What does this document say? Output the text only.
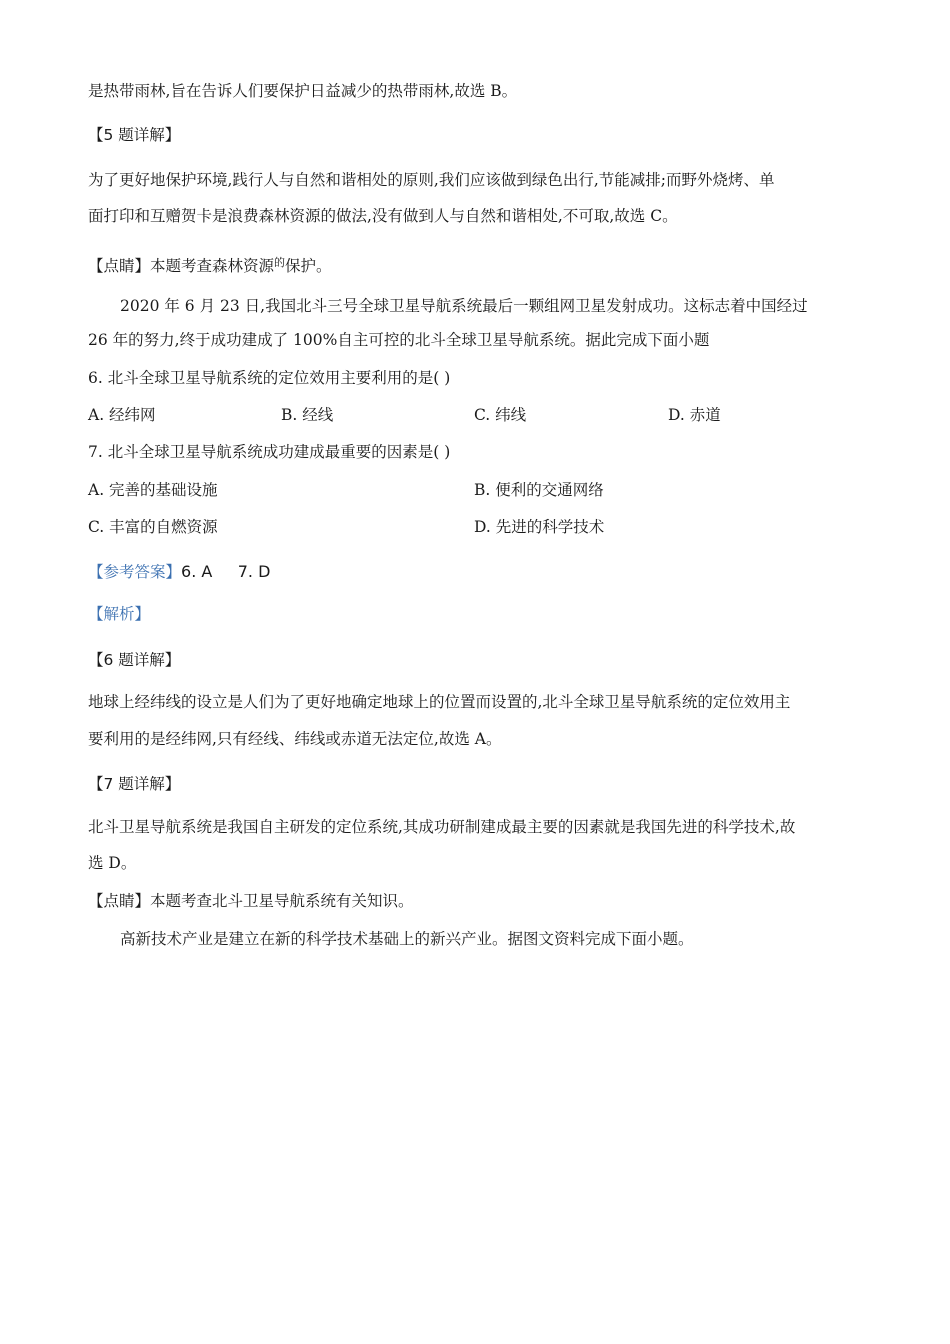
是热带雨林,旨在告诉人们要保护日益减少的热带雨林,故选 B。
【5 题详解】
为了更好地保护环境,践行人与自然和谐相处的原则,我们应该做到绿色出行,节能减排;而野外烧烤、单
面打印和互赠贺卡是浪费森林资源的做法,没有做到人与自然和谐相处,不可取,故选 C。
【点睛】本题考查森林资源$^的$保护。
2020 年 6 月 23 日,我国北斗三号全球卫星导航系统最后一颗组网卫星发射成功。这标志着中国经过
26 年的努力,终于成功建成了 100%自主可控的北斗全球卫星导航系统。据此完成下面小题
6. 北斗全球卫星导航系统的定位效用主要利用的是( )
A. 经纬网	B. 经线	C. 纬线	D. 赤道
7. 北斗全球卫星导航系统成功建成最重要的因素是( )
A. 完善的基础设施	B. 便利的交通网络
C. 丰富的自燃资源	D. 先进的科学技术
【参考答案】6. A     7. D
【解析】
【6 题详解】
地球上经纬线的设立是人们为了更好地确定地球上的位置而设置的,北斗全球卫星导航系统的定位效用主
要利用的是经纬网,只有经线、纬线或赤道无法定位,故选 A。
【7 题详解】
北斗卫星导航系统是我国自主研发的定位系统,其成功研制建成最主要的因素就是我国先进的科学技术,故
选 D。
【点睛】本题考查北斗卫星导航系统有关知识。
高新技术产业是建立在新的科学技术基础上的新兴产业。据图文资料完成下面小题。
